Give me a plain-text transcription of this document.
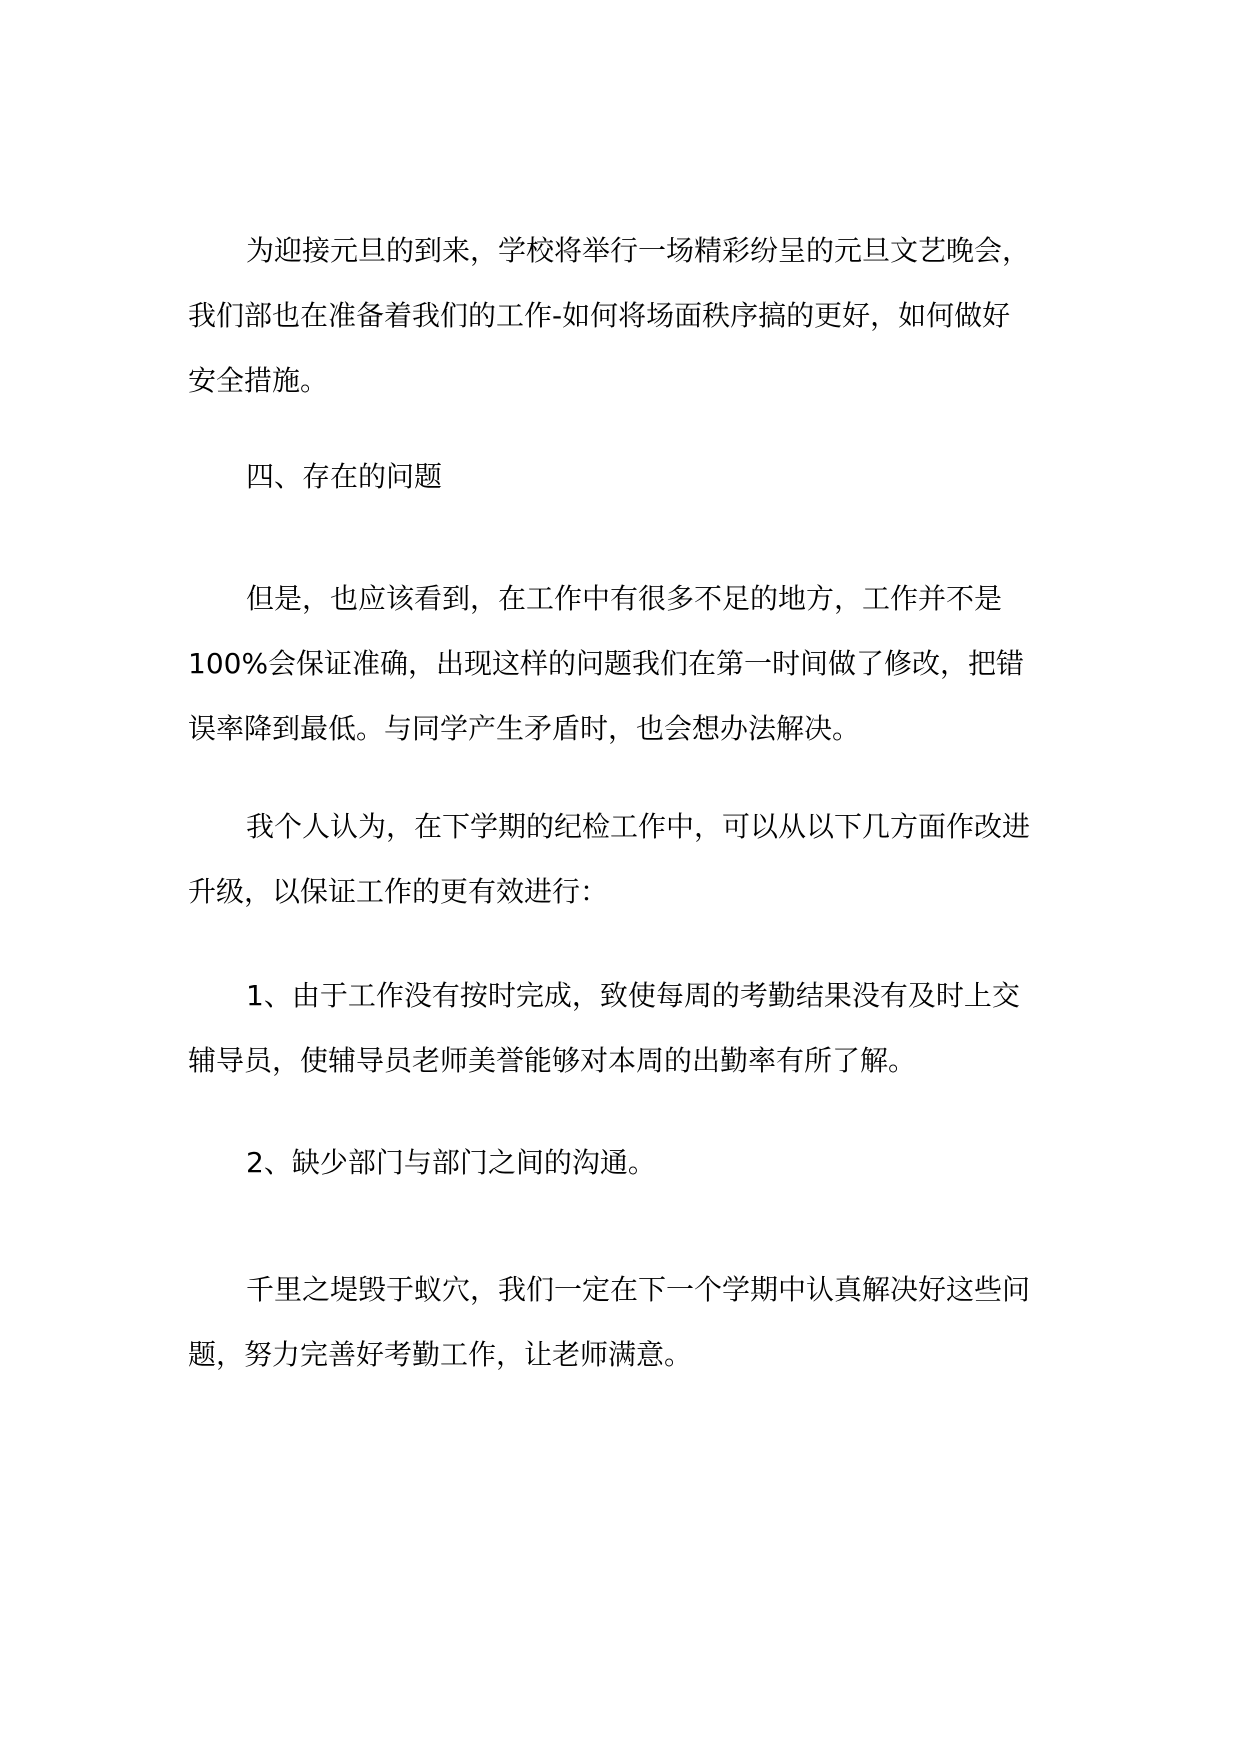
为迎接元旦的到来，学校将举行一场精彩纷呈的元旦文艺晚会，
我们部也在准备着我们的工作-如何将场面秩序搞的更好，如何做好
安全措施。

四、存在的问题

但是，也应该看到，在工作中有很多不足的地方，工作并不是
100%会保证准确，出现这样的问题我们在第一时间做了修改，把错
误率降到最低。与同学产生矛盾时，也会想办法解决。

我个人认为，在下学期的纪检工作中，可以从以下几方面作改进
升级，以保证工作的更有效进行：

1、由于工作没有按时完成，致使每周的考勤结果没有及时上交
辅导员，使辅导员老师美誉能够对本周的出勤率有所了解。

2、缺少部门与部门之间的沟通。

千里之堤毁于蚁穴，我们一定在下一个学期中认真解决好这些问
题，努力完善好考勤工作，让老师满意。
